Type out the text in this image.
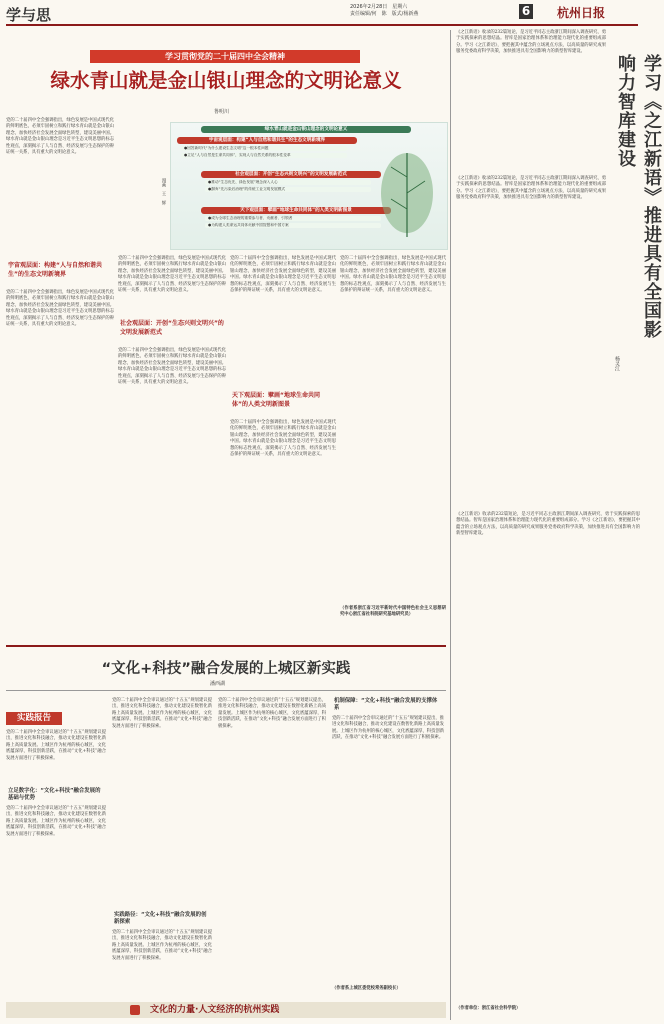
学与思	2026年2月28日　星期六
责任编辑/何　陈　版式/杨新燕	6 杭州日报
学习贯彻党的二十届四中全会精神
绿水青山就是金山银山理念的文明论意义
鲁明川
绿水青山就是金山银山理念的文明论意义
宇宙观层面：构建“人与自然和谐共生”的生态文明新境界
●回答新时代“为什么建设生态文明”这一根本性问题
●立足“人与自然是生命共同体”，实现人与自然关系的根本性变革
社会观层面：开创“生态兴则文明兴”的文明发展新范式
●推动“生态优先、绿色发展”理念深入人心
●摒弃“先污染后治理”的传统工业文明发展模式
天下观层面：擘画“地球生命共同体”的人类文明新图景
●成为全球生态治理的重要参与者、贡献者、引领者
●为构建人类命运共同体贡献中国智慧和中国方案
漫画　王　辉
党的二十届四中全会强调指出，绿色发展是中国式现代化的鲜明底色，必须牢固树立和践行绿水青山就是金山银山理念，加快经济社会发展全面绿色转型，建设美丽中国。绿水青山就是金山银山理念是习近平生态文明思想的标志性观点，深刻揭示了人与自然、经济发展与生态保护的辩证统一关系，具有重大的文明论意义。
宇宙观层面：构建“人与自然和谐共生”的生态文明新境界
党的二十届四中全会强调指出，绿色发展是中国式现代化的鲜明底色，必须牢固树立和践行绿水青山就是金山银山理念，加快经济社会发展全面绿色转型，建设美丽中国。绿水青山就是金山银山理念是习近平生态文明思想的标志性观点，深刻揭示了人与自然、经济发展与生态保护的辩证统一关系，具有重大的文明论意义。
党的二十届四中全会强调指出，绿色发展是中国式现代化的鲜明底色，必须牢固树立和践行绿水青山就是金山银山理念，加快经济社会发展全面绿色转型，建设美丽中国。绿水青山就是金山银山理念是习近平生态文明思想的标志性观点，深刻揭示了人与自然、经济发展与生态保护的辩证统一关系，具有重大的文明论意义。
社会观层面：开创“生态兴则文明兴”的文明发展新范式
党的二十届四中全会强调指出，绿色发展是中国式现代化的鲜明底色，必须牢固树立和践行绿水青山就是金山银山理念，加快经济社会发展全面绿色转型，建设美丽中国。绿水青山就是金山银山理念是习近平生态文明思想的标志性观点，深刻揭示了人与自然、经济发展与生态保护的辩证统一关系，具有重大的文明论意义。
党的二十届四中全会强调指出，绿色发展是中国式现代化的鲜明底色，必须牢固树立和践行绿水青山就是金山银山理念，加快经济社会发展全面绿色转型，建设美丽中国。绿水青山就是金山银山理念是习近平生态文明思想的标志性观点，深刻揭示了人与自然、经济发展与生态保护的辩证统一关系，具有重大的文明论意义。
天下观层面：擘画“地球生命共同体”的人类文明新图景
党的二十届四中全会强调指出，绿色发展是中国式现代化的鲜明底色，必须牢固树立和践行绿水青山就是金山银山理念，加快经济社会发展全面绿色转型，建设美丽中国。绿水青山就是金山银山理念是习近平生态文明思想的标志性观点，深刻揭示了人与自然、经济发展与生态保护的辩证统一关系，具有重大的文明论意义。
党的二十届四中全会强调指出，绿色发展是中国式现代化的鲜明底色，必须牢固树立和践行绿水青山就是金山银山理念，加快经济社会发展全面绿色转型，建设美丽中国。绿水青山就是金山银山理念是习近平生态文明思想的标志性观点，深刻揭示了人与自然、经济发展与生态保护的辩证统一关系，具有重大的文明论意义。
（作者系浙江省习近平新时代中国特色社会主义思想研究中心浙江省社科院研究基地研究员）
《之江新语》收录的232篇短论，是习近平同志主政浙江期间深入调查研究、勇于实践探索的思想结晶。智库是国家治理体系和治理能力现代化的重要组成部分。学习《之江新语》，要把握其中蕴含的立场观点方法，以高质量的研究成果服务党委政府科学决策，加快推进具有全国影响力的新型智库建设。
学习《之江新语》推进具有全国影响力智库建设
杨灵江
《之江新语》收录的232篇短论，是习近平同志主政浙江期间深入调查研究、勇于实践探索的思想结晶。智库是国家治理体系和治理能力现代化的重要组成部分。学习《之江新语》，要把握其中蕴含的立场观点方法，以高质量的研究成果服务党委政府科学决策，加快推进具有全国影响力的新型智库建设。
《之江新语》收录的232篇短论，是习近平同志主政浙江期间深入调查研究、勇于实践探索的思想结晶。智库是国家治理体系和治理能力现代化的重要组成部分。学习《之江新语》，要把握其中蕴含的立场观点方法，以高质量的研究成果服务党委政府科学决策，加快推进具有全国影响力的新型智库建设。
（作者单位：浙江省社会科学院）
“文化+科技”融合发展的上城区新实践
潘西湖
实践报告
党的二十届四中全会审议通过的“十五五”规划建议提出，推进文化和科技融合，推动文化建设在数智化新路上高质量发展。上城区作为杭州的核心城区，文化底蕴深厚，科技创新活跃，在推动“文化+科技”融合发展方面进行了积极探索。
立足数字化：“文化+科技”融合发展的基础与优势
党的二十届四中全会审议通过的“十五五”规划建议提出，推进文化和科技融合，推动文化建设在数智化新路上高质量发展。上城区作为杭州的核心城区，文化底蕴深厚，科技创新活跃，在推动“文化+科技”融合发展方面进行了积极探索。
党的二十届四中全会审议通过的“十五五”规划建议提出，推进文化和科技融合，推动文化建设在数智化新路上高质量发展。上城区作为杭州的核心城区，文化底蕴深厚，科技创新活跃，在推动“文化+科技”融合发展方面进行了积极探索。
实践路径：“文化+科技”融合发展的创新探索
党的二十届四中全会审议通过的“十五五”规划建议提出，推进文化和科技融合，推动文化建设在数智化新路上高质量发展。上城区作为杭州的核心城区，文化底蕴深厚，科技创新活跃，在推动“文化+科技”融合发展方面进行了积极探索。
党的二十届四中全会审议通过的“十五五”规划建议提出，推进文化和科技融合，推动文化建设在数智化新路上高质量发展。上城区作为杭州的核心城区，文化底蕴深厚，科技创新活跃，在推动“文化+科技”融合发展方面进行了积极探索。
机制保障：“文化+科技”融合发展的支撑体系
党的二十届四中全会审议通过的“十五五”规划建议提出，推进文化和科技融合，推动文化建设在数智化新路上高质量发展。上城区作为杭州的核心城区，文化底蕴深厚，科技创新活跃，在推动“文化+科技”融合发展方面进行了积极探索。
（作者系上城区委党校常务副校长）
文化的力量·人文经济的杭州实践
